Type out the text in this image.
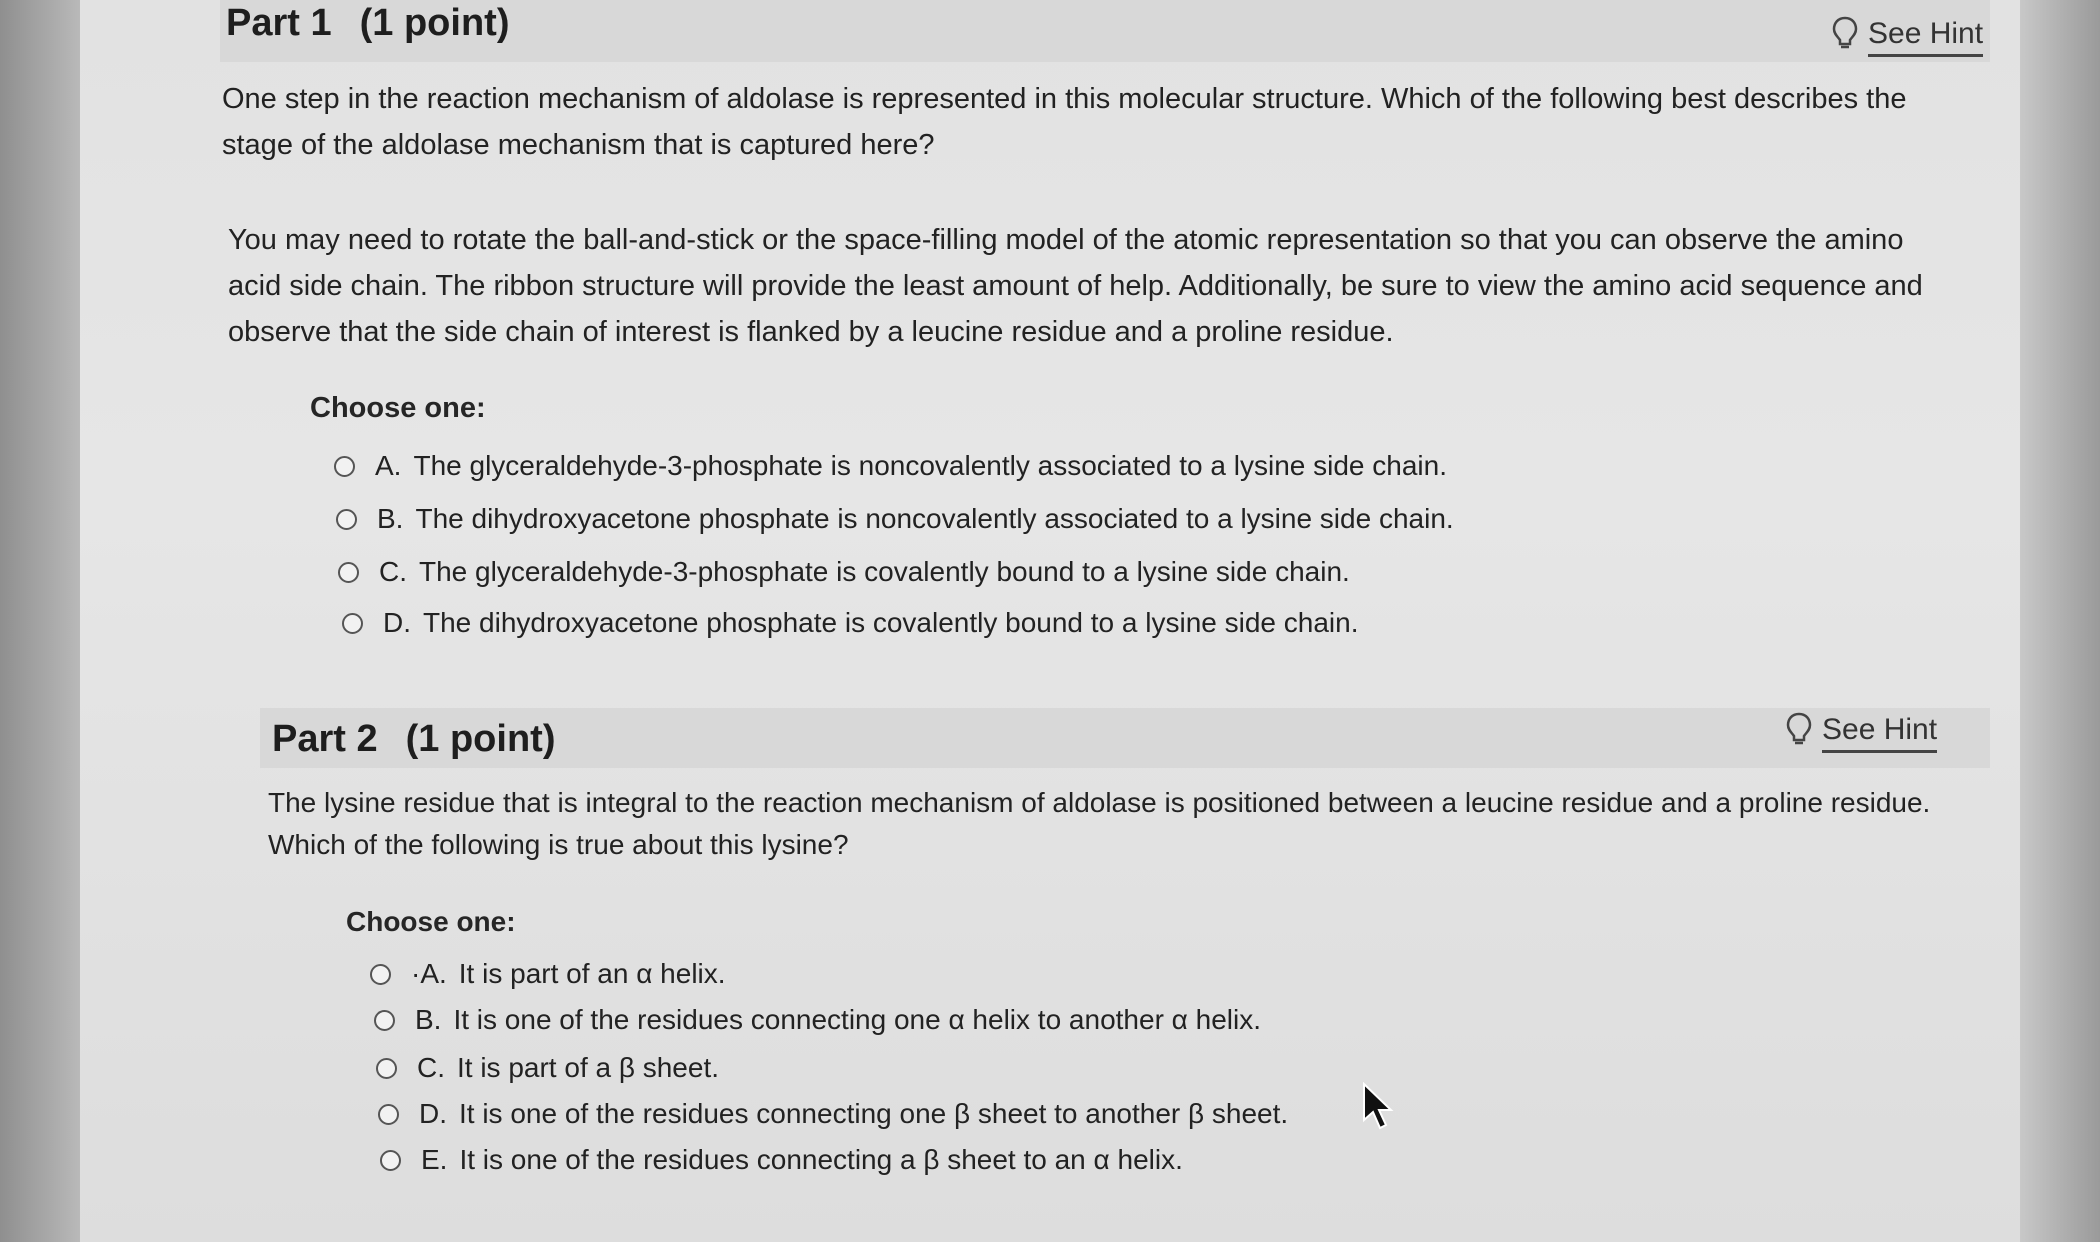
Part 1 (1 point)	See Hint
One step in the reaction mechanism of aldolase is represented in this molecular structure. Which of the following best describes the
stage of the aldolase mechanism that is captured here?
You may need to rotate the ball-and-stick or the space-filling model of the atomic representation so that you can observe the amino
acid side chain. The ribbon structure will provide the least amount of help. Additionally, be sure to view the amino acid sequence and
observe that the side chain of interest is flanked by a leucine residue and a proline residue.
Choose one:
A. The glyceraldehyde-3-phosphate is noncovalently associated to a lysine side chain.
B. The dihydroxyacetone phosphate is noncovalently associated to a lysine side chain.
C. The glyceraldehyde-3-phosphate is covalently bound to a lysine side chain.
D. The dihydroxyacetone phosphate is covalently bound to a lysine side chain.
Part 2 (1 point)	See Hint
The lysine residue that is integral to the reaction mechanism of aldolase is positioned between a leucine residue and a proline residue.
Which of the following is true about this lysine?
Choose one:
·A. It is part of an α helix.
B. It is one of the residues connecting one α helix to another α helix.
C. It is part of a β sheet.
D. It is one of the residues connecting one β sheet to another β sheet.
E. It is one of the residues connecting a β sheet to an α helix.
